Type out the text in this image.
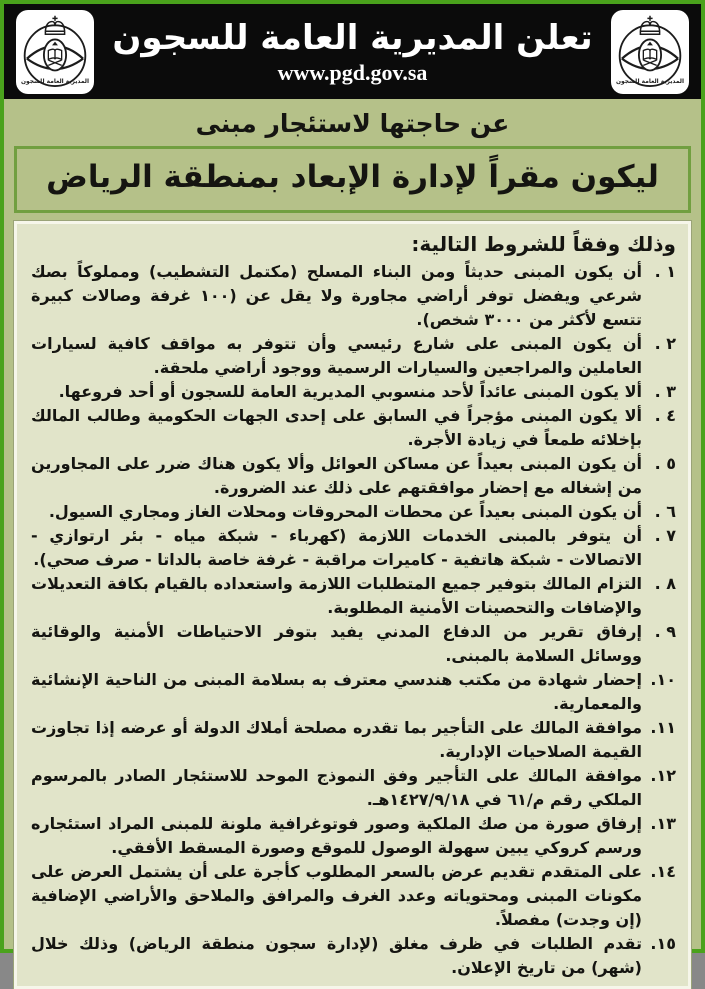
المديرية العامة للسجون
تعلن المديرية العامة للسجون
www.pgd.gov.sa
المديرية العامة للسجون
عن حاجتها لاستئجار مبنى
ليكون مقراً لإدارة الإبعاد بمنطقة الرياض
وذلك وفقاً للشروط التالية:
١ .
أن يكون المبنى حديثاً ومن البناء المسلح (مكتمل التشطيب) ومملوكاً بصك شرعي ويفضل توفر أراضي مجاورة ولا يقل عن (١٠٠ غرفة وصالات كبيرة تتسع لأكثر من ٣٠٠٠ شخص).
٢ .
أن يكون المبنى على شارع رئيسي وأن تتوفر به مواقف كافية لسيارات العاملين والمراجعين والسيارات الرسمية ووجود أراضي ملحقة.
٣ .
ألا يكون المبنى عائداً لأحد منسوبي المديرية العامة للسجون أو أحد فروعها.
٤ .
ألا يكون المبنى مؤجراً في السابق على إحدى الجهات الحكومية وطالب المالك بإخلائه طمعاً في زيادة الأجرة.
٥ .
أن يكون المبنى بعيداً عن مساكن العوائل وألا يكون هناك ضرر على المجاورين من إشغاله مع إحضار موافقتهم على ذلك عند الضرورة.
٦ .
أن يكون المبنى بعيداً عن محطات المحروقات ومحلات الغاز ومجاري السيول.
٧ .
أن يتوفر بالمبنى الخدمات اللازمة (كهرباء - شبكة مياه - بئر ارتوازي - الاتصالات - شبكة هاتفية - كاميرات مراقبة - غرفة خاصة بالداتا - صرف صحي).
٨ .
التزام المالك بتوفير جميع المتطلبات اللازمة واستعداده بالقيام بكافة التعديلات والإضافات والتحصينات الأمنية المطلوبة.
٩ .
إرفاق تقرير من الدفاع المدني يفيد بتوفر الاحتياطات الأمنية والوقائية ووسائل السلامة بالمبنى.
١٠.
إحضار شهادة من مكتب هندسي معترف به بسلامة المبنى من الناحية الإنشائية والمعمارية.
١١.
موافقة المالك على التأجير بما تقدره مصلحة أملاك الدولة أو عرضه إذا تجاوزت القيمة الصلاحيات الإدارية.
١٢.
موافقة المالك على التأجير وفق النموذج الموحد للاستئجار الصادر بالمرسوم الملكي رقم م/٦١ في ١٤٢٧/٩/١٨هـ.
١٣.
إرفاق صورة من صك الملكية وصور فوتوغرافية ملونة للمبنى المراد استئجاره ورسم كروكي يبين سهولة الوصول للموقع وصورة المسقط الأفقي.
١٤.
على المتقدم تقديم عرض بالسعر المطلوب كأجرة على أن يشتمل العرض على مكونات المبنى ومحتوياته وعدد الغرف والمرافق والملاحق والأراضي الإضافية (إن وجدت) مفصلاً.
١٥.
تقدم الطلبات في ظرف مغلق (لإدارة سجون منطقة الرياض) وذلك خلال (شهر) من تاريخ الإعلان.
